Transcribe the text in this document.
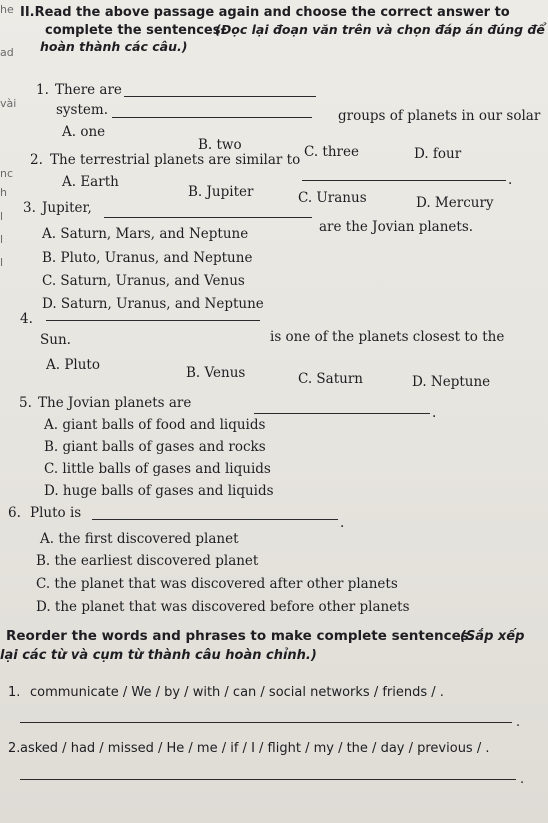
he
ad
vài
nc
h
l
l
l
II.Read the above passage again and choose the correct answer to
complete the sentences.
(Đọc lại đoạn văn trên và chọn đáp án đúng để
hoàn thành các câu.)
1. There are
system.	groups of planets in our solar
A. one
B. two	C. three	D. four
2. The terrestrial planets are similar to
.
A. Earth
B. Jupiter	C. Uranus	D. Mercury
3. Jupiter,
are the Jovian planets.
A. Saturn, Mars, and Neptune
B. Pluto, Uranus, and Neptune
C. Saturn, Uranus, and Venus
D. Saturn, Uranus, and Neptune
4.
Sun.	is one of the planets closest to the
A. Pluto	B. Venus	C. Saturn	D. Neptune
5. The Jovian planets are
.
A. giant balls of food and liquids
B. giant balls of gases and rocks
C. little balls of gases and liquids
D. huge balls of gases and liquids
6. Pluto is
.
A. the first discovered planet
B. the earliest discovered planet
C. the planet that was discovered after other planets
D. the planet that was discovered before other planets
Reorder the words and phrases to make complete sentences.
(Sắp xếp
lại các từ và cụm từ thành câu hoàn chỉnh.)
1. communicate / We / by / with / can / social networks / friends / .
.
2. asked / had / missed / He / me / if / I / flight / my / the / day / previous / .
.
